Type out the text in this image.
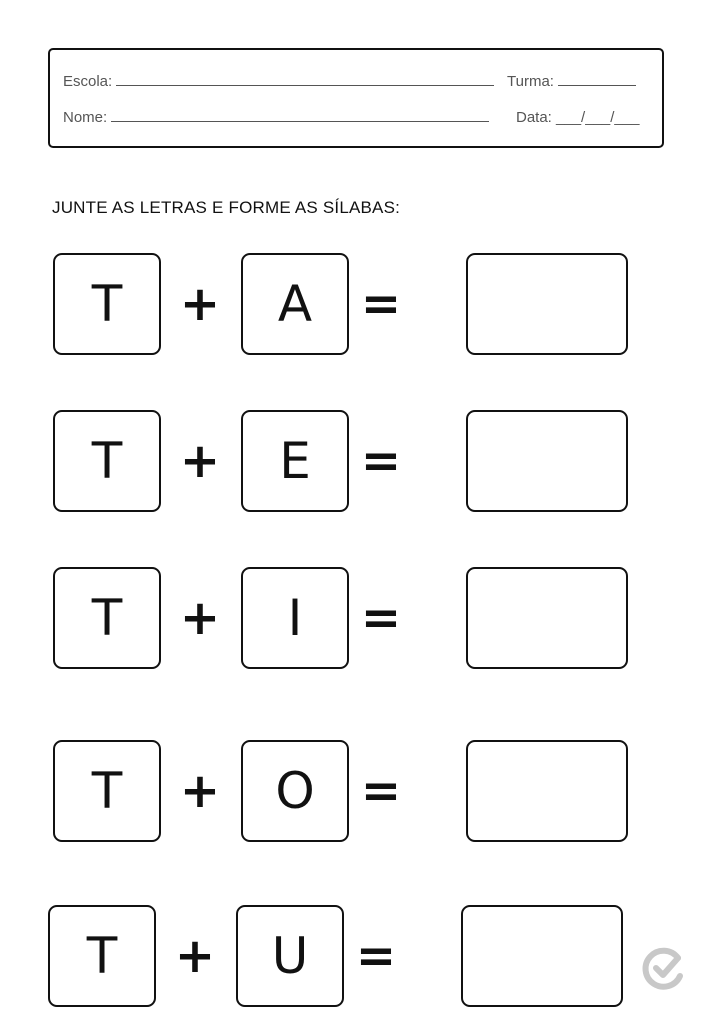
Escola:	Turma:
Nome:	Data: ___/___/___
JUNTE AS LETRAS E FORME AS SÍLABAS:
T	+	A	=
T	+	E	=
T	+	I	=
T	+	O =
T	+	U =
